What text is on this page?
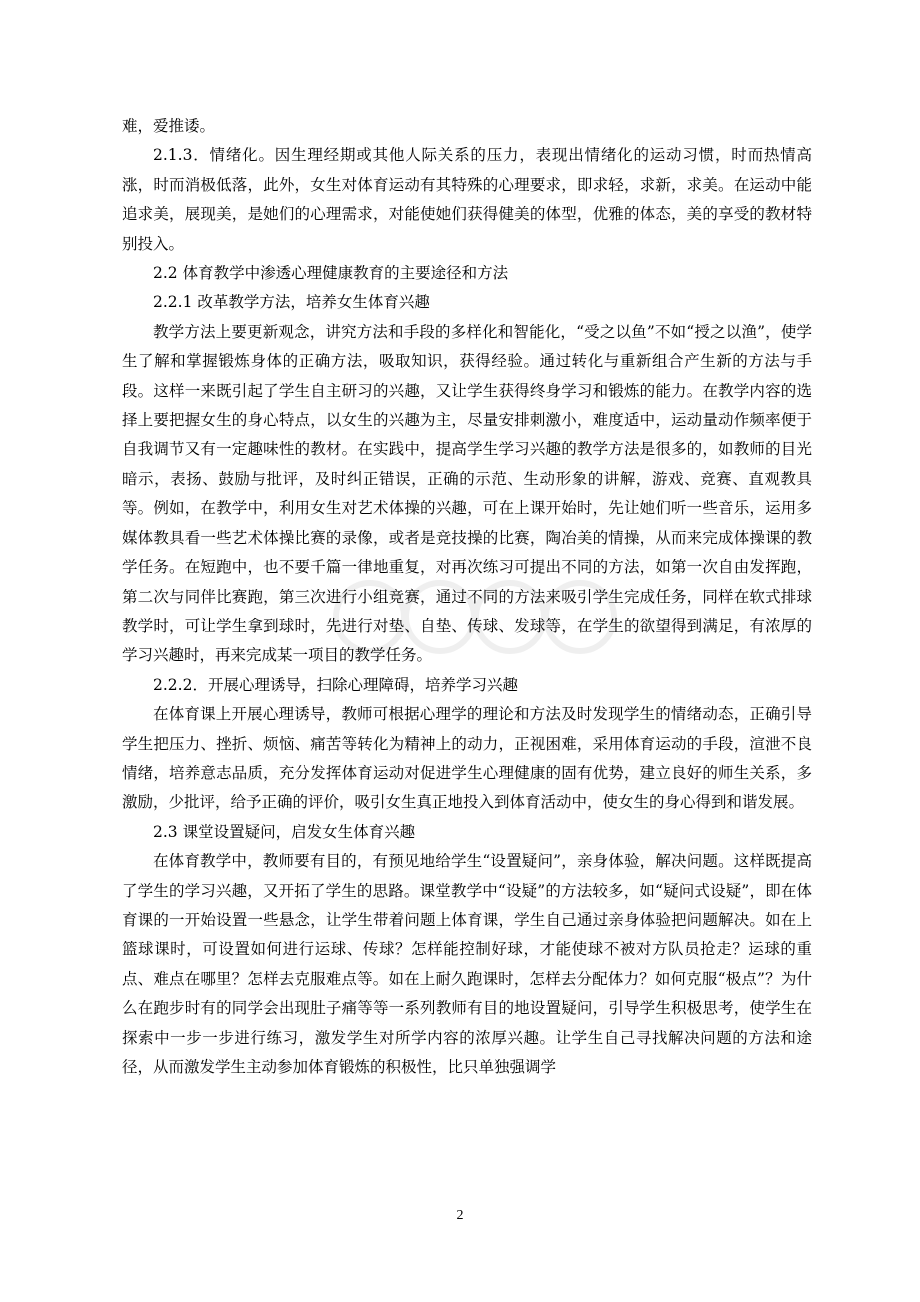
难，爱推诿。

2.1.3．情绪化。因生理经期或其他人际关系的压力，表现出情绪化的运动习惯，时而热情高涨，时而消极低落，此外，女生对体育运动有其特殊的心理要求，即求轻，求新，求美。在运动中能追求美，展现美，是她们的心理需求，对能使她们获得健美的体型，优雅的体态，美的享受的教材特别投入。

2.2 体育教学中渗透心理健康教育的主要途径和方法

2.2.1 改革教学方法，培养女生体育兴趣

教学方法上要更新观念，讲究方法和手段的多样化和智能化，“受之以鱼”不如“授之以渔”，使学生了解和掌握锻炼身体的正确方法，吸取知识，获得经验。通过转化与重新组合产生新的方法与手段。这样一来既引起了学生自主研习的兴趣，又让学生获得终身学习和锻炼的能力。在教学内容的选择上要把握女生的身心特点，以女生的兴趣为主，尽量安排刺激小，难度适中，运动量动作频率便于自我调节又有一定趣味性的教材。在实践中，提高学生学习兴趣的教学方法是很多的，如教师的目光暗示，表扬、鼓励与批评，及时纠正错误，正确的示范、生动形象的讲解，游戏、竞赛、直观教具等。例如，在教学中，利用女生对艺术体操的兴趣，可在上课开始时，先让她们听一些音乐，运用多媒体教具看一些艺术体操比赛的录像，或者是竞技操的比赛，陶冶美的情操，从而来完成体操课的教学任务。在短跑中，也不要千篇一律地重复，对再次练习可提出不同的方法，如第一次自由发挥跑，第二次与同伴比赛跑，第三次进行小组竞赛，通过不同的方法来吸引学生完成任务，同样在软式排球教学时，可让学生拿到球时，先进行对垫、自垫、传球、发球等，在学生的欲望得到满足，有浓厚的学习兴趣时，再来完成某一项目的教学任务。

2.2.2．开展心理诱导，扫除心理障碍，培养学习兴趣

在体育课上开展心理诱导，教师可根据心理学的理论和方法及时发现学生的情绪动态，正确引导学生把压力、挫折、烦恼、痛苦等转化为精神上的动力，正视困难，采用体育运动的手段，渲泄不良情绪，培养意志品质，充分发挥体育运动对促进学生心理健康的固有优势，建立良好的师生关系，多激励，少批评，给予正确的评价，吸引女生真正地投入到体育活动中，使女生的身心得到和谐发展。

2.3 课堂设置疑问，启发女生体育兴趣

在体育教学中，教师要有目的，有预见地给学生“设置疑问”，亲身体验，解决问题。这样既提高了学生的学习兴趣，又开拓了学生的思路。课堂教学中“设疑”的方法较多，如“疑问式设疑”，即在体育课的一开始设置一些悬念，让学生带着问题上体育课，学生自己通过亲身体验把问题解决。如在上篮球课时，可设置如何进行运球、传球？怎样能控制好球，才能使球不被对方队员抢走？运球的重点、难点在哪里？怎样去克服难点等。如在上耐久跑课时，怎样去分配体力？如何克服“极点”？为什么在跑步时有的同学会出现肚子痛等等一系列教师有目的地设置疑问，引导学生积极思考，使学生在探索中一步一步进行练习，激发学生对所学内容的浓厚兴趣。让学生自己寻找解决问题的方法和途径，从而激发学生主动参加体育锻炼的积极性，比只单独强调学

2
